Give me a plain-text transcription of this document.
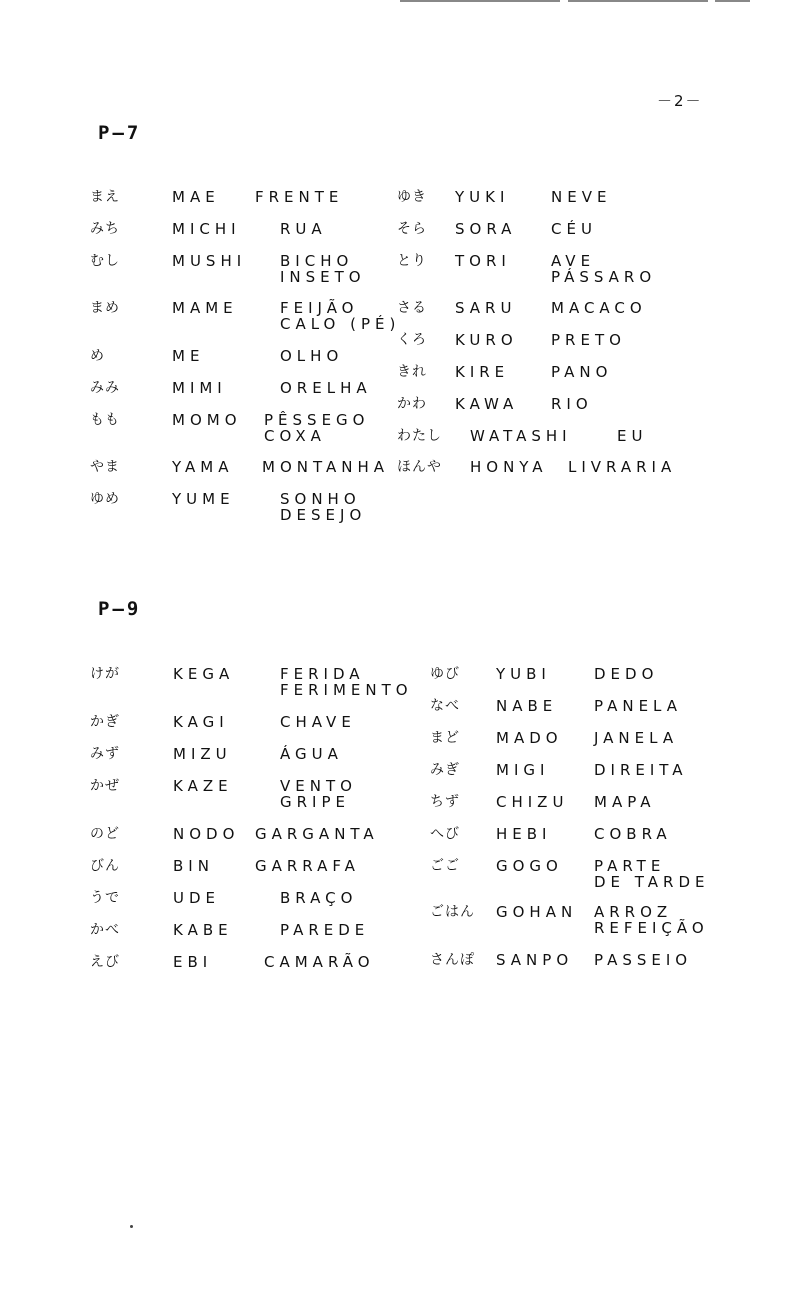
－2－
P—7
まえ	MAE FRENTE
みち	MICHI	RUA
むし	MUSHI BICHO
INSETO
まめ	MAME	FEIJÃO
CALO (PÉ)
め	ME	OLHO
みみ	MIMI	ORELHA
もも	MOMO PÊSSEGO
COXA
やま	YAMA MONTANHA
ゆめ	YUME	SONHO
DESEJO
ゆき YUKI	NEVE
そら SORA CÉU
とり TORI	AVE
PÁSSARO
さる SARU MACACO
くろ KURO PRETO
きれ KIRE	PANO
かわ KAWA RIO
わたし WATASHI	EU
ほんや HONYA LIVRARIA
P—9
けが	KEGA	FERIDA
FERIMENTO
かぎ	KAGI	CHAVE
みず	MIZU	ÁGUA
かぜ	KAZE	VENTO
GRIPE
のど	NODO GARGANTA
びん	BIN	GARRAFA
うで	UDE	BRAÇO
かべ	KABE	PAREDE
えび	EBI	CAMARÃO
ゆび YUBI	DEDO
なべ NABE PANELA
まど MADO JANELA
みぎ MIGI	DIREITA
ちず CHIZU MAPA
へび HEBI	COBRA
ごご GOGO PARTE
DE TARDE
ごはん GOHAN ARROZ
REFEIÇÃO
さんぽ SANPO PASSEIO
